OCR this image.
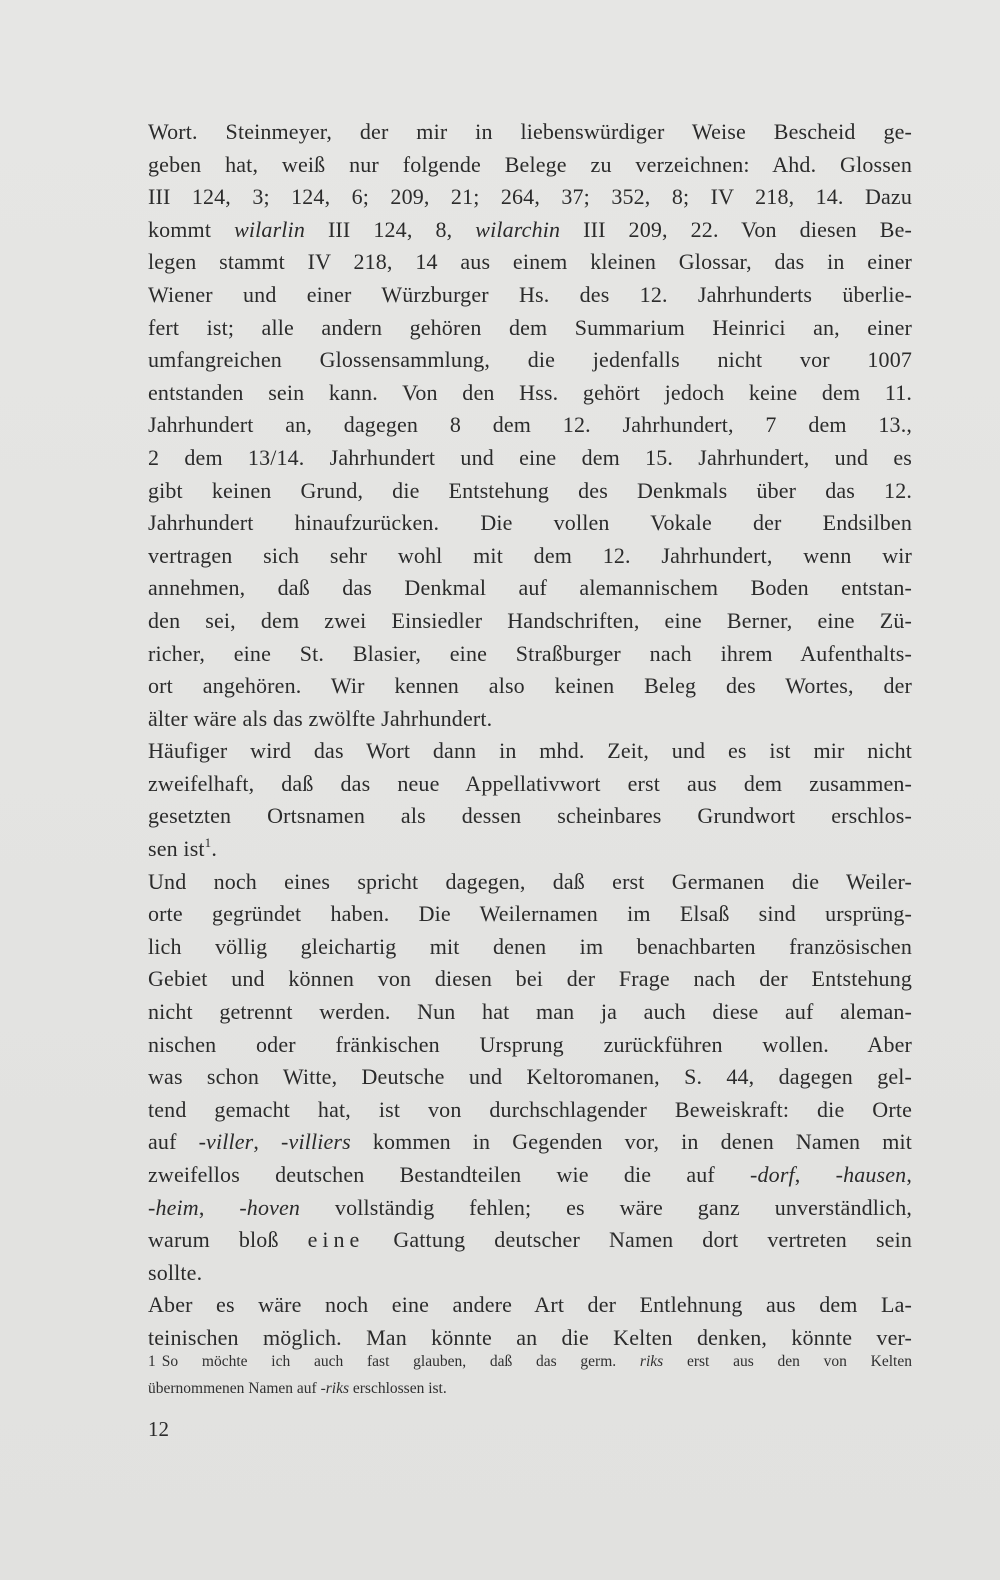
Wort. Steinmeyer, der mir in liebenswürdiger Weise Bescheid ge-
geben hat, weiß nur folgende Belege zu verzeichnen: Ahd. Glossen
III 124, 3; 124, 6; 209, 21; 264, 37; 352, 8; IV 218, 14. Dazu
kommt wilarlin III 124, 8, wilarchin III 209, 22. Von diesen Be-
legen stammt IV 218, 14 aus einem kleinen Glossar, das in einer
Wiener und einer Würzburger Hs. des 12. Jahrhunderts überlie-
fert ist; alle andern gehören dem Summarium Heinrici an, einer
umfangreichen Glossensammlung, die jedenfalls nicht vor 1007
entstanden sein kann. Von den Hss. gehört jedoch keine dem 11.
Jahrhundert an, dagegen 8 dem 12. Jahrhundert, 7 dem 13.,
2 dem 13/14. Jahrhundert und eine dem 15. Jahrhundert, und es
gibt keinen Grund, die Entstehung des Denkmals über das 12.
Jahrhundert hinaufzurücken. Die vollen Vokale der Endsilben
vertragen sich sehr wohl mit dem 12. Jahrhundert, wenn wir
annehmen, daß das Denkmal auf alemannischem Boden entstan-
den sei, dem zwei Einsiedler Handschriften, eine Berner, eine Zü-
richer, eine St. Blasier, eine Straßburger nach ihrem Aufenthalts-
ort angehören. Wir kennen also keinen Beleg des Wortes, der
älter wäre als das zwölfte Jahrhundert.
Häufiger wird das Wort dann in mhd. Zeit, und es ist mir nicht
zweifelhaft, daß das neue Appellativwort erst aus dem zusammen-
gesetzten Ortsnamen als dessen scheinbares Grundwort erschlos-
sen ist$^1$.
Und noch eines spricht dagegen, daß erst Germanen die Weiler-
orte gegründet haben. Die Weilernamen im Elsaß sind ursprüng-
lich völlig gleichartig mit denen im benachbarten französischen
Gebiet und können von diesen bei der Frage nach der Entstehung
nicht getrennt werden. Nun hat man ja auch diese auf aleman-
nischen oder fränkischen Ursprung zurückführen wollen. Aber
was schon Witte, Deutsche und Keltoromanen, S. 44, dagegen gel-
tend gemacht hat, ist von durchschlagender Beweiskraft: die Orte
auf -viller, -villiers kommen in Gegenden vor, in denen Namen mit
zweifellos deutschen Bestandteilen wie die auf -dorf, -hausen,
-heim, -hoven vollständig fehlen; es wäre ganz unverständlich,
warum bloß eine Gattung deutscher Namen dort vertreten sein
sollte.
Aber es wäre noch eine andere Art der Entlehnung aus dem La-
teinischen möglich. Man könnte an die Kelten denken, könnte ver-
1 So möchte ich auch fast glauben, daß das germ. riks erst aus den von Kelten
übernommenen Namen auf -riks erschlossen ist.
12
